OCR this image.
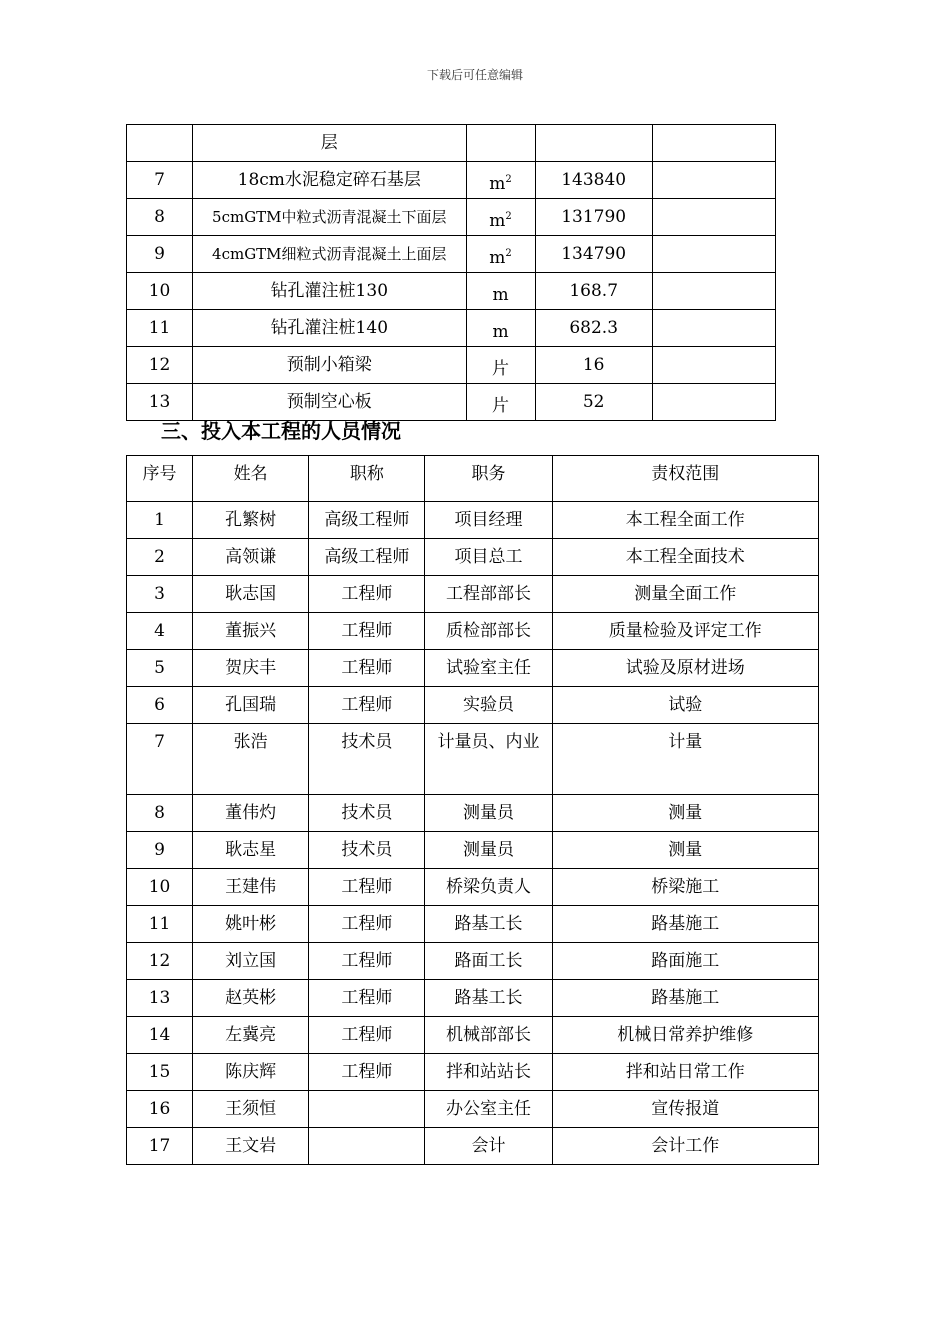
下载后可任意编辑
	层			
7	18cm水泥稳定碎石基层	$m^2$	143840	
8	5cmGTM中粒式沥青混凝土下面层	$m^2$	131790	
9	4cmGTM细粒式沥青混凝土上面层	$m^2$	134790	
10	钻孔灌注桩130	m	168.7	
11	钻孔灌注桩140	m	682.3	
12	预制小箱梁	片	16	
13	预制空心板	片	52	
三、投入本工程的人员情况
序号	姓名	职称	职务	责权范围
1	孔繁树	高级工程师	项目经理	本工程全面工作
2	高领谦	高级工程师	项目总工	本工程全面技术
3	耿志国	工程师	工程部部长	测量全面工作
4	董振兴	工程师	质检部部长	质量检验及评定工作
5	贺庆丰	工程师	试验室主任	试验及原材进场
6	孔国瑞	工程师	实验员	试验
7	张浩	技术员	计量员、内业	计量
8	董伟灼	技术员	测量员	测量
9	耿志星	技术员	测量员	测量
10	王建伟	工程师	桥梁负责人	桥梁施工
11	姚叶彬	工程师	路基工长	路基施工
12	刘立国	工程师	路面工长	路面施工
13	赵英彬	工程师	路基工长	路基施工
14	左冀亮	工程师	机械部部长	机械日常养护维修
15	陈庆辉	工程师	拌和站站长	拌和站日常工作
16	王须恒		办公室主任	宣传报道
17	王文岩		会计	会计工作
